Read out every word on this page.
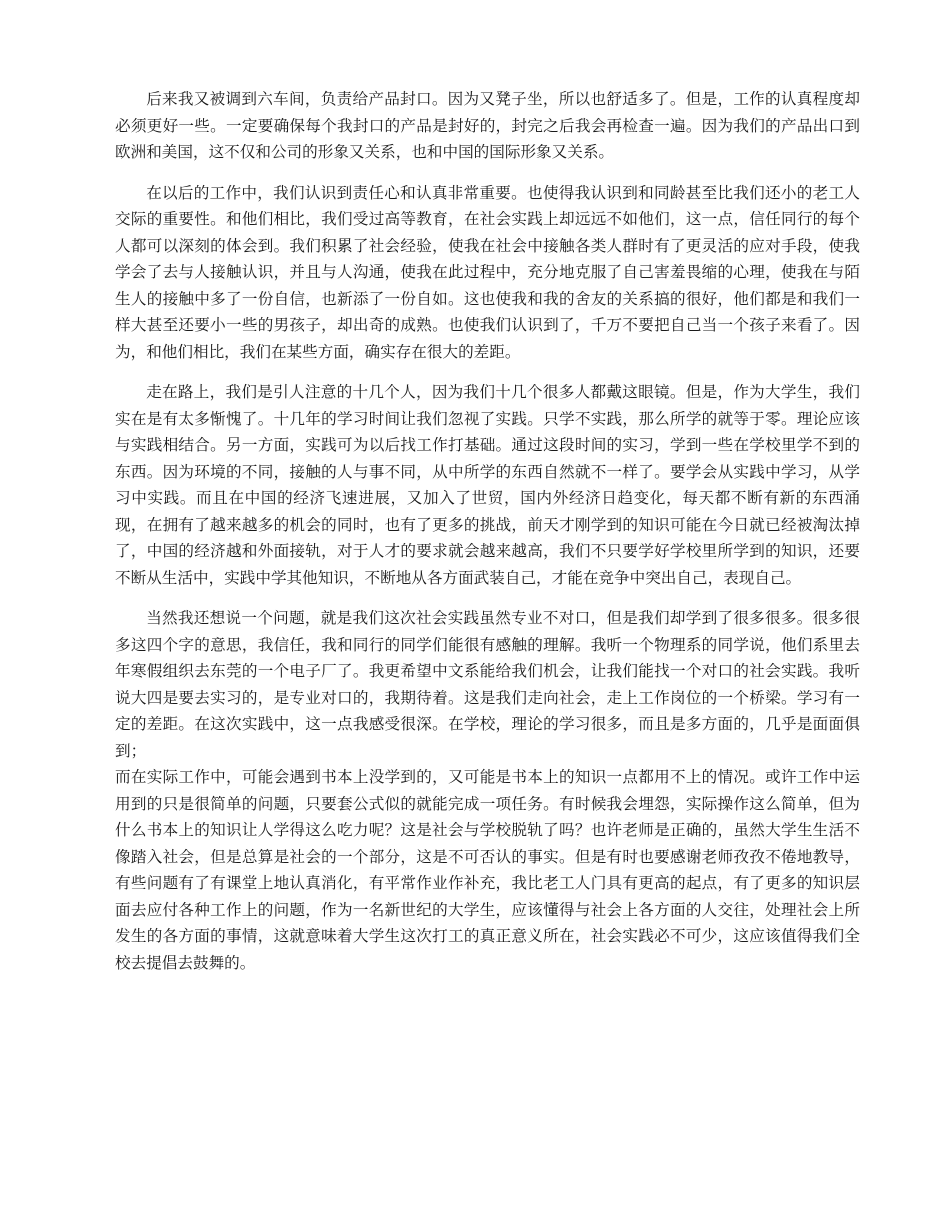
后来我又被调到六车间，负责给产品封口。因为又凳子坐，所以也舒适多了。但是，工作的认真程度却必须更好一些。一定要确保每个我封口的产品是封好的，封完之后我会再检查一遍。因为我们的产品出口到欧洲和美国，这不仅和公司的形象又关系，也和中国的国际形象又关系。

在以后的工作中，我们认识到责任心和认真非常重要。也使得我认识到和同龄甚至比我们还小的老工人交际的重要性。和他们相比，我们受过高等教育，在社会实践上却远远不如他们，这一点，信任同行的每个人都可以深刻的体会到。我们积累了社会经验，使我在社会中接触各类人群时有了更灵活的应对手段，使我学会了去与人接触认识，并且与人沟通，使我在此过程中，充分地克服了自己害羞畏缩的心理，使我在与陌生人的接触中多了一份自信，也新添了一份自如。这也使我和我的舍友的关系搞的很好，他们都是和我们一样大甚至还要小一些的男孩子，却出奇的成熟。也使我们认识到了，千万不要把自己当一个孩子来看了。因为，和他们相比，我们在某些方面，确实存在很大的差距。

走在路上，我们是引人注意的十几个人，因为我们十几个很多人都戴这眼镜。但是，作为大学生，我们实在是有太多惭愧了。十几年的学习时间让我们忽视了实践。只学不实践，那么所学的就等于零。理论应该与实践相结合。另一方面，实践可为以后找工作打基础。通过这段时间的实习，学到一些在学校里学不到的东西。因为环境的不同，接触的人与事不同，从中所学的东西自然就不一样了。要学会从实践中学习，从学习中实践。而且在中国的经济飞速进展，又加入了世贸，国内外经济日趋变化，每天都不断有新的东西涌现，在拥有了越来越多的机会的同时，也有了更多的挑战，前天才刚学到的知识可能在今日就已经被淘汰掉了，中国的经济越和外面接轨，对于人才的要求就会越来越高，我们不只要学好学校里所学到的知识，还要不断从生活中，实践中学其他知识，不断地从各方面武装自己，才能在竞争中突出自己，表现自己。

当然我还想说一个问题，就是我们这次社会实践虽然专业不对口，但是我们却学到了很多很多。很多很多这四个字的意思，我信任，我和同行的同学们能很有感触的理解。我听一个物理系的同学说，他们系里去年寒假组织去东莞的一个电子厂了。我更希望中文系能给我们机会，让我们能找一个对口的社会实践。我听说大四是要去实习的，是专业对口的，我期待着。这是我们走向社会，走上工作岗位的一个桥梁。学习有一定的差距。在这次实践中，这一点我感受很深。在学校，理论的学习很多，而且是多方面的，几乎是面面俱到；

而在实际工作中，可能会遇到书本上没学到的，又可能是书本上的知识一点都用不上的情况。或许工作中运用到的只是很简单的问题，只要套公式似的就能完成一项任务。有时候我会埋怨，实际操作这么简单，但为什么书本上的知识让人学得这么吃力呢？这是社会与学校脱轨了吗？也许老师是正确的，虽然大学生生活不像踏入社会，但是总算是社会的一个部分，这是不可否认的事实。但是有时也要感谢老师孜孜不倦地教导，有些问题有了有课堂上地认真消化，有平常作业作补充，我比老工人门具有更高的起点，有了更多的知识层面去应付各种工作上的问题，作为一名新世纪的大学生，应该懂得与社会上各方面的人交往，处理社会上所发生的各方面的事情，这就意味着大学生这次打工的真正意义所在，社会实践必不可少，这应该值得我们全校去提倡去鼓舞的。
